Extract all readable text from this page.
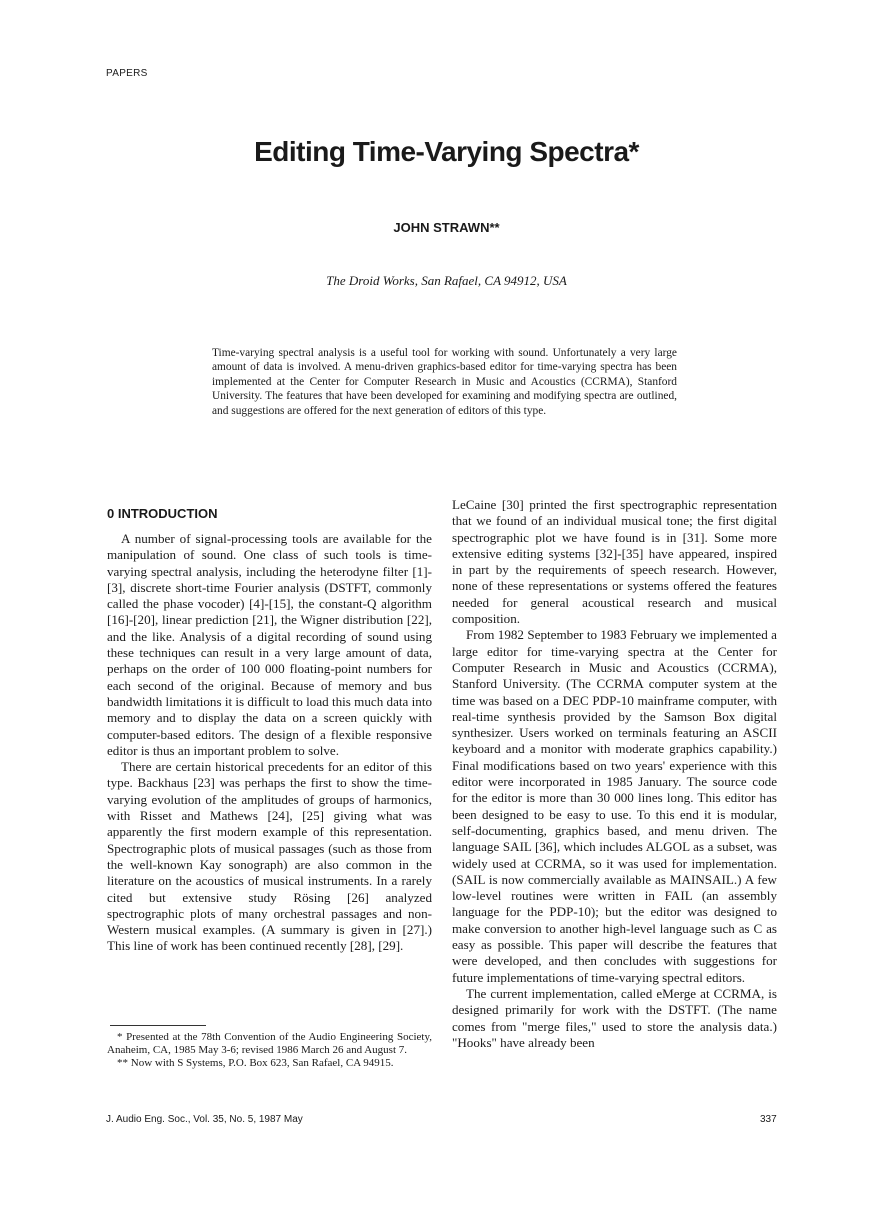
PAPERS
Editing Time-Varying Spectra*
JOHN STRAWN**
The Droid Works, San Rafael, CA 94912, USA
Time-varying spectral analysis is a useful tool for working with sound. Unfortunately a very large amount of data is involved. A menu-driven graphics-based editor for time-varying spectra has been implemented at the Center for Computer Research in Music and Acoustics (CCRMA), Stanford University. The features that have been developed for examining and modifying spectra are outlined, and suggestions are offered for the next generation of editors of this type.
0 INTRODUCTION

A number of signal-processing tools are available for the manipulation of sound. One class of such tools is time-varying spectral analysis, including the heterodyne filter [1]-[3], discrete short-time Fourier analysis (DSTFT, commonly called the phase vocoder) [4]-[15], the constant-Q algorithm [16]-[20], linear prediction [21], the Wigner distribution [22], and the like. Analysis of a digital recording of sound using these techniques can result in a very large amount of data, perhaps on the order of 100 000 floating-point numbers for each second of the original. Because of memory and bus bandwidth limitations it is difficult to load this much data into memory and to display the data on a screen quickly with computer-based editors. The design of a flexible responsive editor is thus an important problem to solve.

There are certain historical precedents for an editor of this type. Backhaus [23] was perhaps the first to show the time-varying evolution of the amplitudes of groups of harmonics, with Risset and Mathews [24], [25] giving what was apparently the first modern example of this representation. Spectrographic plots of musical passages (such as those from the well-known Kay sonograph) are also common in the literature on the acoustics of musical instruments. In a rarely cited but extensive study Rösing [26] analyzed spectrographic plots of many orchestral passages and non-Western musical examples. (A summary is given in [27].) This line of work has been continued recently [28], [29].

* Presented at the 78th Convention of the Audio Engineering Society, Anaheim, CA, 1985 May 3-6; revised 1986 March 26 and August 7.

** Now with S Systems, P.O. Box 623, San Rafael, CA 94915.

LeCaine [30] printed the first spectrographic representation that we found of an individual musical tone; the first digital spectrographic plot we have found is in [31]. Some more extensive editing systems [32]-[35] have appeared, inspired in part by the requirements of speech research. However, none of these representations or systems offered the features needed for general acoustical research and musical composition.

From 1982 September to 1983 February we implemented a large editor for time-varying spectra at the Center for Computer Research in Music and Acoustics (CCRMA), Stanford University. (The CCRMA computer system at the time was based on a DEC PDP-10 mainframe computer, with real-time synthesis provided by the Samson Box digital synthesizer. Users worked on terminals featuring an ASCII keyboard and a monitor with moderate graphics capability.) Final modifications based on two years' experience with this editor were incorporated in 1985 January. The source code for the editor is more than 30 000 lines long. This editor has been designed to be easy to use. To this end it is modular, self-documenting, graphics based, and menu driven. The language SAIL [36], which includes ALGOL as a subset, was widely used at CCRMA, so it was used for implementation. (SAIL is now commercially available as MAINSAIL.) A few low-level routines were written in FAIL (an assembly language for the PDP-10); but the editor was designed to make conversion to another high-level language such as C as easy as possible. This paper will describe the features that were developed, and then concludes with suggestions for future implementations of time-varying spectral editors.

The current implementation, called eMerge at CCRMA, is designed primarily for work with the DSTFT. (The name comes from "merge files," used to store the analysis data.) "Hooks" have already been

J. Audio Eng. Soc., Vol. 35, No. 5, 1987 May	337
